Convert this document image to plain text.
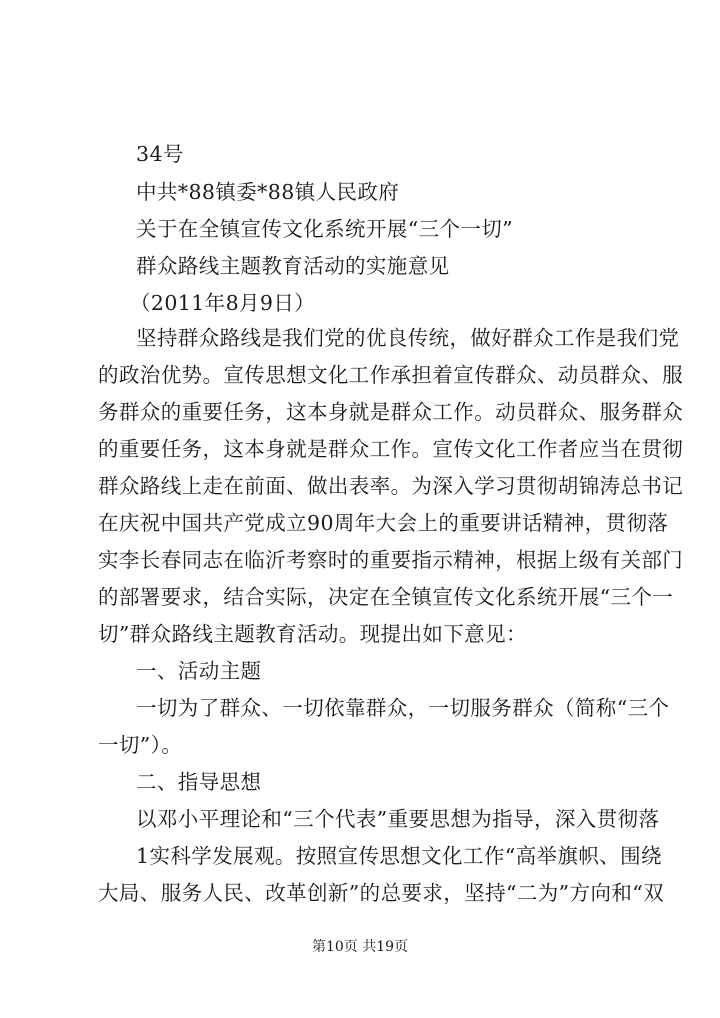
34号
中共*88镇委*88镇人民政府
关于在全镇宣传文化系统开展“三个一切”
群众路线主题教育活动的实施意见
（2011年8月9日）
坚持群众路线是我们党的优良传统，做好群众工作是我们党
的政治优势。宣传思想文化工作承担着宣传群众、动员群众、服
务群众的重要任务，这本身就是群众工作。动员群众、服务群众
的重要任务，这本身就是群众工作。宣传文化工作者应当在贯彻
群众路线上走在前面、做出表率。为深入学习贯彻胡锦涛总书记
在庆祝中国共产党成立90周年大会上的重要讲话精神，贯彻落
实李长春同志在临沂考察时的重要指示精神，根据上级有关部门
的部署要求，结合实际，决定在全镇宣传文化系统开展“三个一
切”群众路线主题教育活动。现提出如下意见：
一、活动主题
一切为了群众、一切依靠群众，一切服务群众（简称“三个
一切”）。
二、指导思想
以邓小平理论和“三个代表”重要思想为指导，深入贯彻落
1实科学发展观。按照宣传思想文化工作“高举旗帜、围绕
大局、服务人民、改革创新”的总要求，坚持“二为”方向和“双
第10页 共19页
